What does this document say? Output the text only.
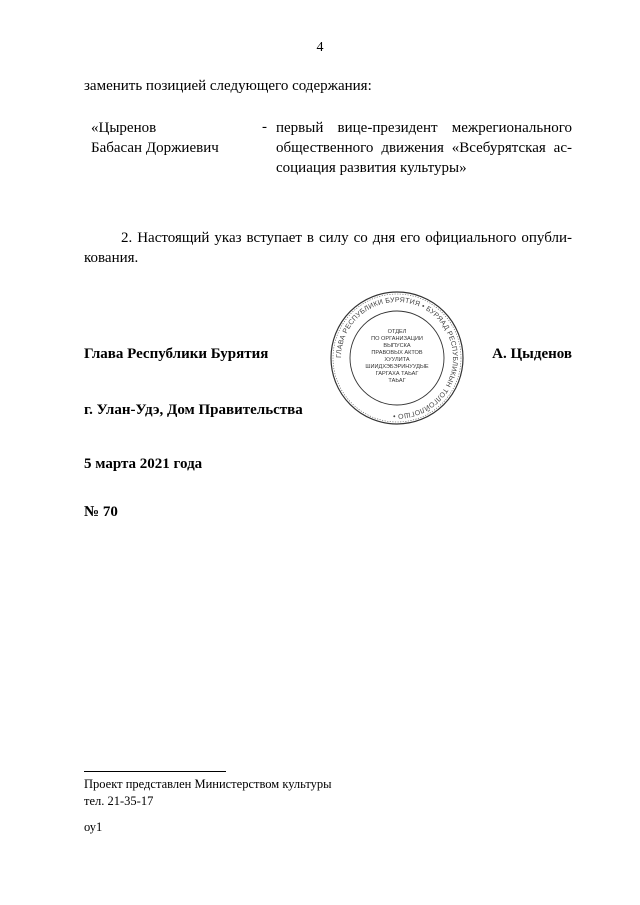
4
заменить позицией следующего содержания:
«Цыренов
Бабасан Доржиевич
- первый вице-президент межрегионального
общественного движения «Всебурятская ас-
социация развития культуры»
2. Настоящий указ вступает в силу со дня его официального опубли-
кования.
ГЛАВА РЕСПУБЛИКИ БУРЯТИЯ • БУРЯАД РЕСПУБЛИКЫН ТОЛГОЙЛОГШО •
ОТДЕЛ
ПО ОРГАНИЗАЦИИ
ВЫПУСКА
ПРАВОВЫХ АКТОВ
ХУУЛИТА
ШИИДХЭБЭРИНУУДЫЕ
ГАРГАХА ТАЬАГ
ТАЬАГ
Глава Республики Бурятия	А. Цыденов
г. Улан-Удэ, Дом Правительства
5 марта 2021 года
№ 70
Проект представлен Министерством культуры
тел. 21-35-17
оу1
